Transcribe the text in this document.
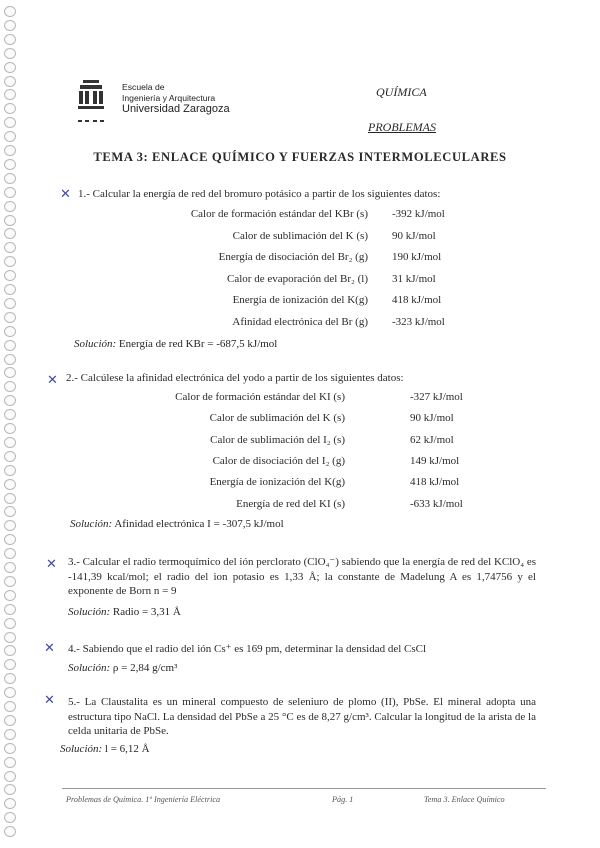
Escuela de
Ingeniería y Arquitectura
Universidad Zaragoza
QUÍMICA
PROBLEMAS
TEMA 3: ENLACE QUÍMICO Y FUERZAS INTERMOLECULARES
✕ 1.- Calcular la energía de red del bromuro potásico a partir de los siguientes datos:
Calor de formación estándar del KBr (s) -392 kJ/mol
Calor de sublimación del K (s) 90 kJ/mol
Energía de disociación del Br₂ (g) 190 kJ/mol
Calor de evaporación del Br₂ (l) 31 kJ/mol
Energía de ionización del K(g) 418 kJ/mol
Afinidad electrónica del Br (g) -323 kJ/mol
Solución: Energía de red KBr = -687,5 kJ/mol
✕ 2.- Calcúlese la afinidad electrónica del yodo a partir de los siguientes datos:
Calor de formación estándar del KI (s)	-327 kJ/mol
Calor de sublimación del K (s)	90 kJ/mol
Calor de sublimación del I₂ (s)	62 kJ/mol
Calor de disociación del I₂ (g)	149 kJ/mol
Energía de ionización del K(g)	418 kJ/mol
Energía de red del KI (s)	-633 kJ/mol
Solución: Afinidad electrónica I = -307,5 kJ/mol
✕ 3.- Calcular el radio termoquímico del ión perclorato (ClO₄⁻) sabiendo que la energía de red del KClO₄ es -141,39 kcal/mol; el radio del ion potasio es 1,33 Å; la constante de Madelung A es 1,74756 y el exponente de Born n = 9
Solución: Radio = 3,31 Å
✕ 4.- Sabiendo que el radio del ión Cs⁺ es 169 pm, determinar la densidad del CsCl
Solución: ρ = 2,84 g/cm³
✕ 5.- La Claustalita es un mineral compuesto de seleniuro de plomo (II), PbSe. El mineral adopta una estructura tipo NaCl. La densidad del PbSe a 25 °C es de 8,27 g/cm³. Calcular la longitud de la arista de la celda unitaria de PbSe.
Solución: l = 6,12 Å
Problemas de Química. 1º Ingeniería Eléctrica	Pág. 1	Tema 3. Enlace Químico
